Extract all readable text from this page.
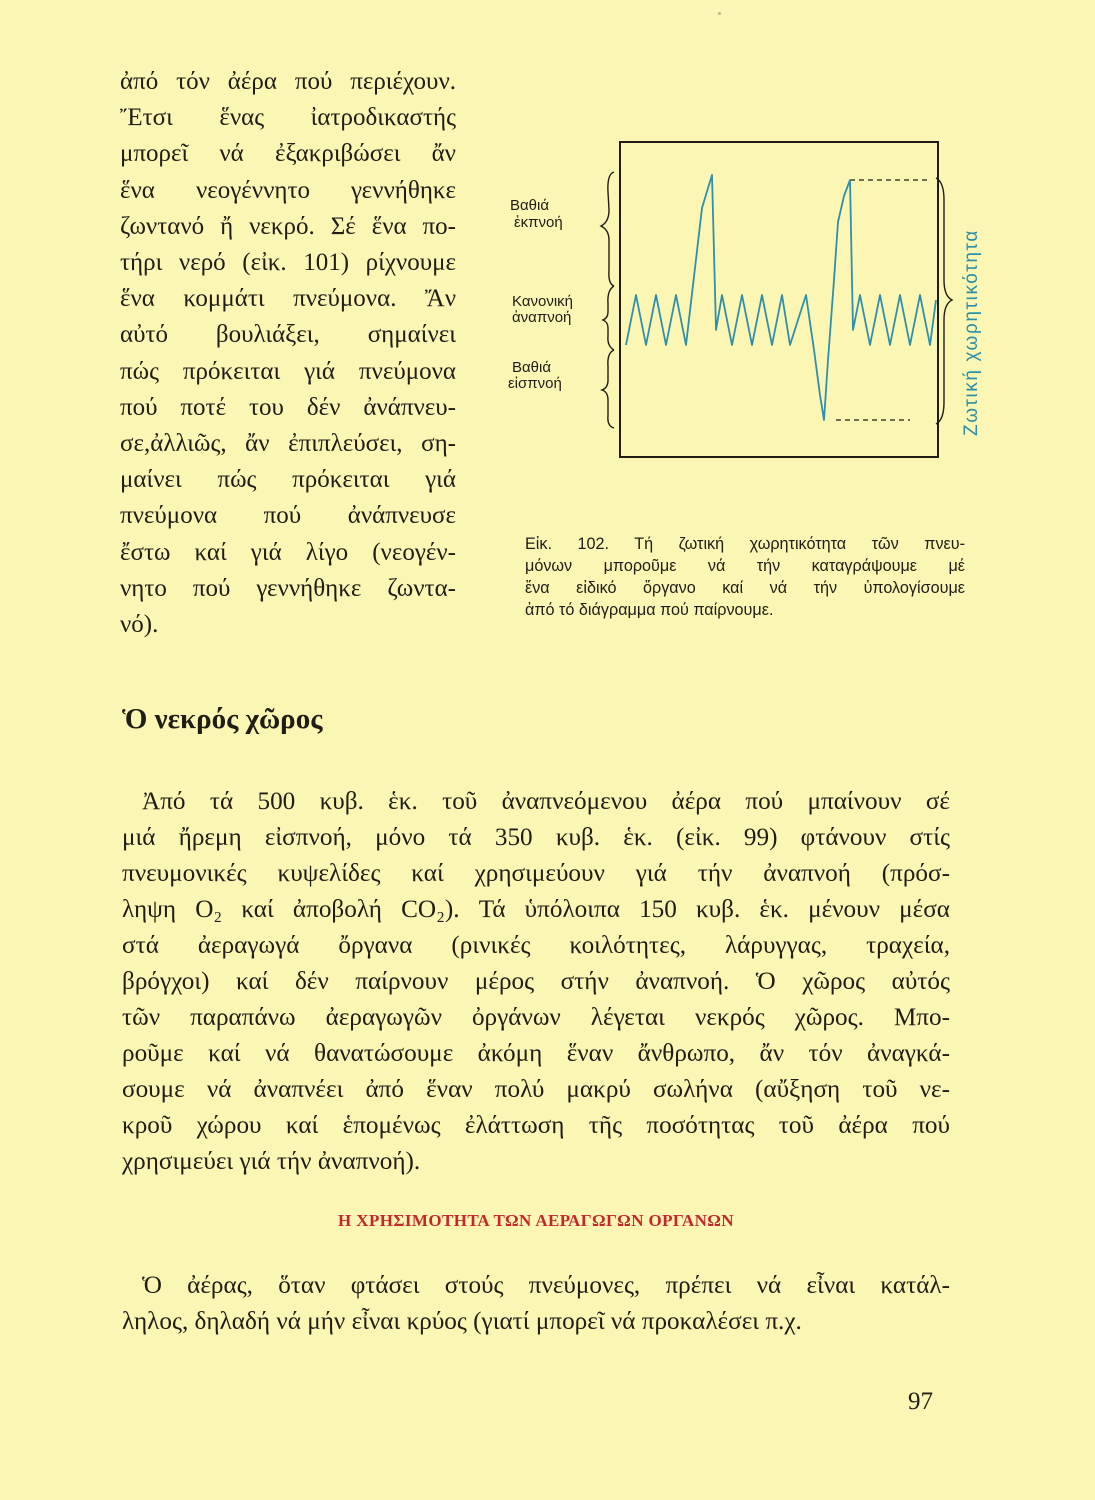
ἀπό τόν ἀέρα πού περιέχουν.
Ἔτσι ἕνας ἰατροδικαστής
μπορεῖ νά ἐξακριβώσει ἄν
ἕνα νεογέννητο γεννήθηκε
ζωντανό ἤ νεκρό. Σέ ἕνα πο-
τήρι νερό (εἰκ. 101) ρίχνουμε
ἕνα κομμάτι πνεύμονα. Ἄν
αὐτό βουλιάξει, σημαίνει
πώς πρόκειται γιά πνεύμονα
πού ποτέ του δέν ἀνάπνευ-
σε,ἀλλιῶς, ἄν ἐπιπλεύσει, ση-
μαίνει πώς πρόκειται γιά
πνεύμονα πού ἀνάπνευσε
ἔστω καί γιά λίγο (νεογέν-
νητο πού γεννήθηκε ζωντα-
νό).
Βαθιά
ἐκπνοή
Κανονική
ἀναπνοή
Βαθιά
εἰσπνοή	Ζωτική χωρητικότητα
Εἰκ. 102. Τή ζωτική χωρητικότητα τῶν πνευ-
μόνων μποροῦμε νά τήν καταγράψουμε μέ
ἕνα εἰδικό ὄργανο καί νά τήν ὑπολογίσουμε
ἀπό τό διάγραμμα πού παίρνουμε.
Ὁ νεκρός χῶρος
Ἀπό τά 500 κυβ. ἑκ. τοῦ ἀναπνεόμενου ἀέρα πού μπαίνουν σέ
μιά ἤρεμη εἰσπνοή, μόνο τά 350 κυβ. ἑκ. (εἰκ. 99) φτάνουν στίς
πνευμονικές κυψελίδες καί χρησιμεύουν γιά τήν ἀναπνοή (πρόσ-
ληψη O₂ καί ἀποβολή CO₂). Τά ὑπόλοιπα 150 κυβ. ἑκ. μένουν μέσα
στά ἀεραγωγά ὄργανα (ρινικές κοιλότητες, λάρυγγας, τραχεία,
βρόγχοι) καί δέν παίρνουν μέρος στήν ἀναπνοή. Ὁ χῶρος αὐτός
τῶν παραπάνω ἀεραγωγῶν ὀργάνων λέγεται νεκρός χῶρος. Μπο-
ροῦμε καί νά θανατώσουμε ἀκόμη ἕναν ἄνθρωπο, ἄν τόν ἀναγκά-
σουμε νά ἀναπνέει ἀπό ἕναν πολύ μακρύ σωλήνα (αὔξηση τοῦ νε-
κροῦ χώρου καί ἑπομένως ἐλάττωση τῆς ποσότητας τοῦ ἀέρα πού
χρησιμεύει γιά τήν ἀναπνοή).
Η ΧΡΗΣΙΜΟΤΗΤΑ ΤΩΝ ΑΕΡΑΓΩΓΩΝ ΟΡΓΑΝΩΝ
Ὁ ἀέρας, ὅταν φτάσει στούς πνεύμονες, πρέπει νά εἶναι κατάλ-
ληλος, δηλαδή νά μήν εἶναι κρύος (γιατί μπορεῖ νά προκαλέσει π.χ.
97
